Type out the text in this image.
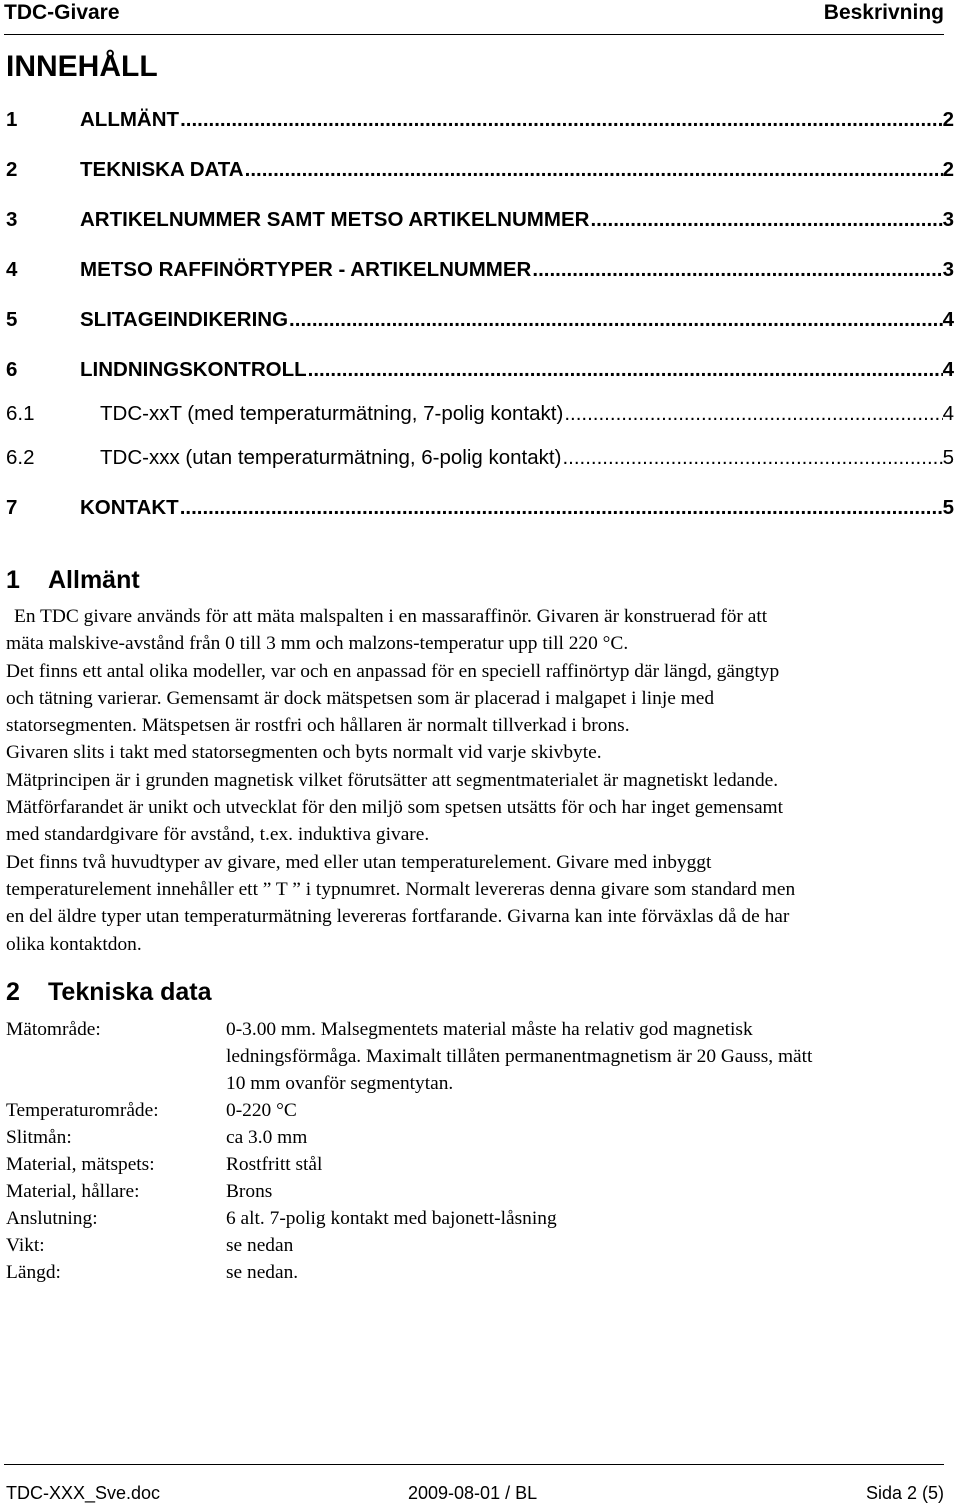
TDC-Givare	Beskrivning
INNEHÅLL
1	ALLMÄNT .....	2
2	TEKNISKA DATA .....	2
3	ARTIKELNUMMER SAMT METSO ARTIKELNUMMER .....	3
4	METSO RAFFINÖRTYPER - ARTIKELNUMMER .....	3
5	SLITAGEINDIKERING .....	4
6	LINDNINGSKONTROLL .....	4
6.1	TDC-xxT (med temperaturmätning, 7-polig kontakt) .....	4
6.2	TDC-xxx (utan temperaturmätning, 6-polig kontakt) .....	5
7	KONTAKT .....	5
1 Allmänt

En TDC givare används för att mäta malspalten i en massaraffinör. Givaren är konstruerad för att

mäta malskive-avstånd från 0 till 3 mm och malzons-temperatur upp till 220 °C.

Det finns ett antal olika modeller, var och en anpassad för en speciell raffinörtyp där längd, gängtyp

och tätning varierar. Gemensamt är dock mätspetsen som är placerad i malgapet i linje med

statorsegmenten. Mätspetsen är rostfri och hållaren är normalt tillverkad i brons.

Givaren slits i takt med statorsegmenten och byts normalt vid varje skivbyte.

Mätprincipen är i grunden magnetisk vilket förutsätter att segmentmaterialet är magnetiskt ledande.

Mätförfarandet är unikt och utvecklat för den miljö som spetsen utsätts för och har inget gemensamt

med standardgivare för avstånd, t.ex. induktiva givare.

Det finns två huvudtyper av givare, med eller utan temperaturelement. Givare med inbyggt

temperaturelement innehåller ett ” T ” i typnumret. Normalt levereras denna givare som standard men

en del äldre typer utan temperaturmätning levereras fortfarande. Givarna kan inte förväxlas då de har

olika kontaktdon.

2 Tekniska data
Mätområde:	0-3.00 mm. Malsegmentets material måste ha relativ god magnetisk
ledningsförmåga. Maximalt tillåten permanentmagnetism är 20 Gauss, mätt
10 mm ovanför segmentytan.
Temperaturområde:	0-220 °C
Slitmån:	ca 3.0 mm
Material, mätspets:	Rostfritt stål
Material, hållare:	Brons
Anslutning:	6 alt. 7-polig kontakt med bajonett-låsning
Vikt:	se nedan
Längd:	se nedan.
TDC-XXX_Sve.doc	2009-08-01 / BL	Sida 2 (5)
